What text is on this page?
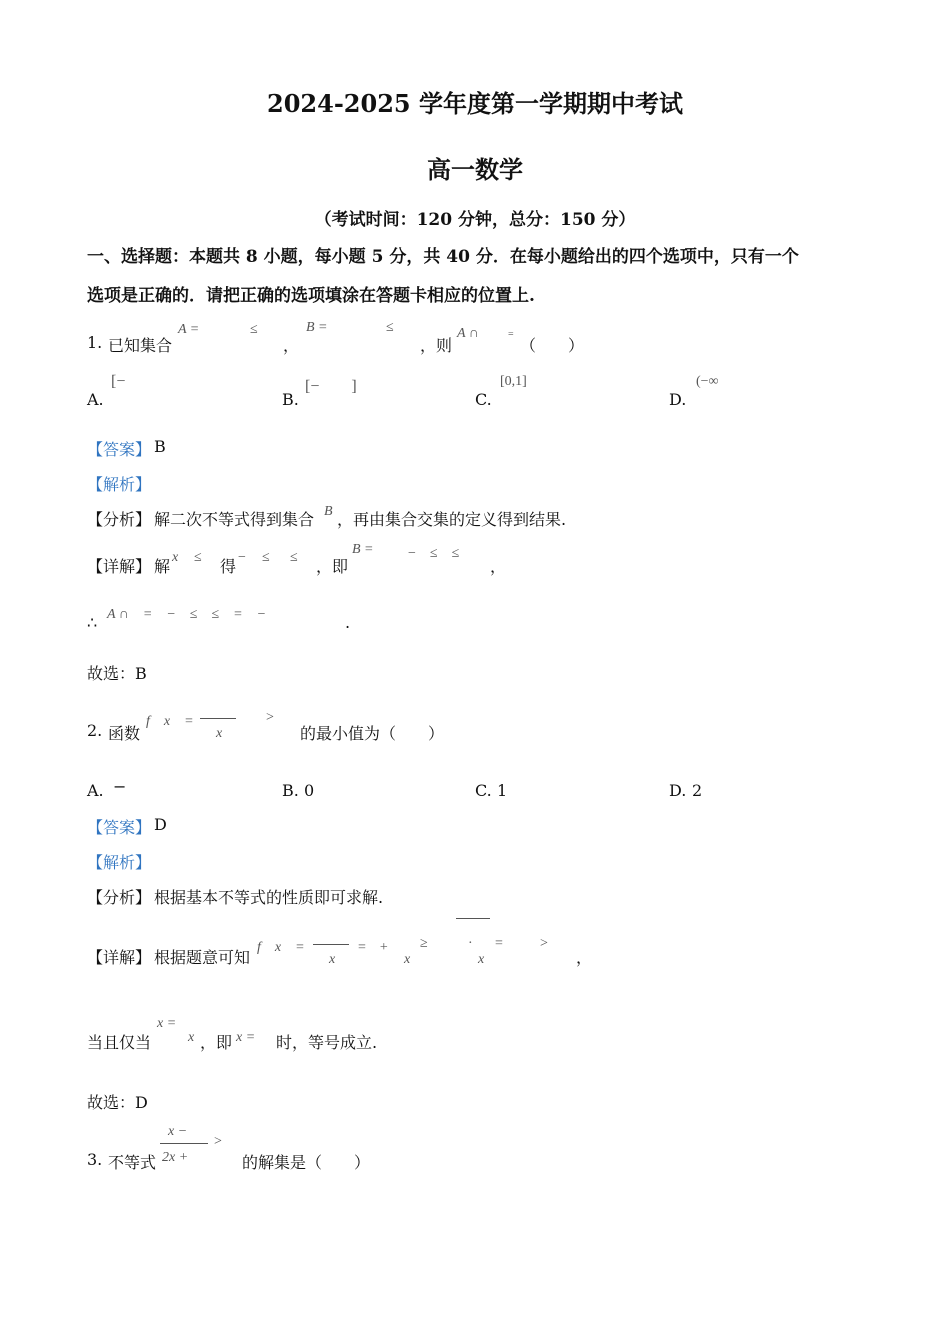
2024-2025 学年度第一学期期中考试
高一数学
（考试时间：120 分钟，总分：150 分）
一、选择题：本题共 8 小题，每小题 5 分，共 40 分．在每小题给出的四个选项中，只有一个
选项是正确的．请把正确的选项填涂在答题卡相应的位置上.
1. 已知集合
A =	≤
，
B =	≤
，则
A ∩	=
（　　）
A.
[−
B.
[−　　]
C.
[0,1]
D.
(−∞
【答案】 B
【解析】
【分析】 解二次不等式得到集合 B ，再由集合交集的定义得到结果.
【详解】 解 x ≤ 得 − ≤ ≤ ，即
B = −　≤　≤
，
∴ A ∩　=　−　≤　≤　=　−	.
故选：B
2. 函数
f　x　=
x
>
的最小值为（　　）
A. −	B. 0	C. 1	D. 2
【答案】 D
【解析】
【分析】 根据基本不等式的性质即可求解.
【详解】 根据题意可知
f　x　=
x
=　+
x
≥	·
x
=	>
，
当且仅当
x =
x ，即 x = 时，等号成立.
故选：D
3. 不等式
x −
2x +
>
的解集是（　　）
